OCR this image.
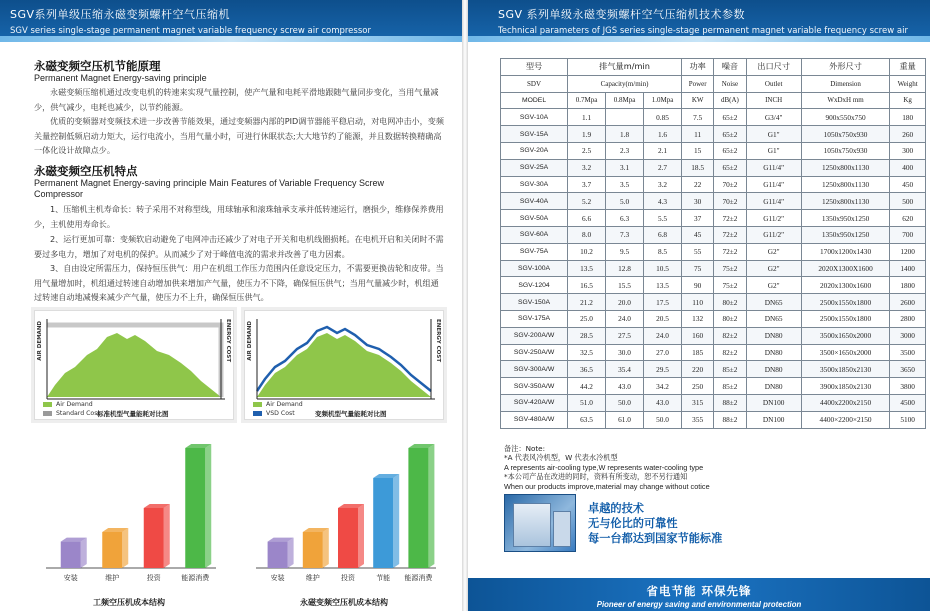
SGV系列单级压缩永磁变频螺杆空气压缩机
SGV series single-stage permanent magnet variable frequency screw air compressor
SGV 系列单级永磁变频螺杆空气压缩机技术参数
Technical parameters of JGS series single-stage permanent magnet variable frequency screw air
永磁变频空压机节能原理
Permanent Magnet Energy-saving principle
永磁变频压缩机通过改变电机的转速来实现气量控制，使产气量和电耗平滑地跟随气量同步变化，当用气量减少，供气减少，电耗也减少，以节约能源。
优质的变频器对变频技术进一步改善节能效果，通过变频器内部的PID调节器能平稳启动，对电网冲击小，变频关量控制低频启动力矩大，运行电流小，当用气量小时，可进行休眠状态;大大地节约了能源，并且数据转换精确高一体化设计故障点少。
永磁变频空压机特点
Permanent Magnet Energy-saving principle Main Features of Variable Frequency Screw Compressor
1、压缩机主机寿命长：转子采用不对称型线，用球轴承和滚珠轴承支承并低转速运行，磨损少，维修保养费用少，主机使用寿命长。
2、运行更加可靠：变频软启动避免了电网冲击还减少了对电子开关和电机线圈损耗。在电机开启和关闭时不需要过多电力，增加了对电机的保护。从而减少了对于峰值电流的需求并改善了电力因素。
3、自由设定所需压力，保持恒压供气：用户在机组工作压力范围内任意设定压力，不需要更换齿轮和皮带。当用气量增加时，机组通过转速自动增加供来增加产气量，使压力不下降，确保恒压供气；当用气量减少时，机组通过转速自动地减慢来减少产气量，使压力不上升，确保恒压供气。
AIR DEMAND	ENERGY COST
Air Demand
Standard Cost
标准机型气量能耗对比图
AIR DEMAND	ENERGY COST
Air Demand
VSD Cost	变频机型气量能耗对比图
安装	维护	投资	能源消费
工频空压机成本结构
安装	维护	投资	节能 能源消费
永磁变频空压机成本结构
型号	排气量m/min			功率	噪音	出口尺寸	外形尺寸	重量
SDV	Capacity(m/min)			Power	Noise	Outlet	Dimension	Weight
MODEL	0.7Mpa	0.8Mpa	1.0Mpa	KW	dB(A)	INCH	WxDxH mm	Kg
SGV-10A	1.1		0.85	7.5	65±2	G3/4"	900x550x750	180
SGV-15A	1.9	1.8	1.6	11	65±2	G1"	1050x750x930	260
SGV-20A	2.5	2.3	2.1	15	65±2	G1"	1050x750x930	300
SGV-25A	3.2	3.1	2.7	18.5	65±2	G11/4"	1250x800x1130	400
SGV-30A	3.7	3.5	3.2	22	70±2	G11/4"	1250x800x1130	450
SGV-40A	5.2	5.0	4.3	30	70±2	G11/4"	1250x800x1130	500
SGV-50A	6.6	6.3	5.5	37	72±2	G11/2"	1350x950x1250	620
SGV-60A	8.0	7.3	6.8	45	72±2	G11/2"	1350x950x1250	700
SGV-75A	10.2	9.5	8.5	55	72±2	G2"	1700x1200x1430	1200
SGV-100A	13.5	12.8	10.5	75	75±2	G2"	2020X1300X1600	1400
SGV-1204	16.5	15.5	13.5	90	75±2	G2"	2020x1300x1600	1800
SGV-150A	21.2	20.0	17.5	110	80±2	DN65	2500x1550x1800	2600
SGV-175A	25.0	24.0	20.5	132	80±2	DN65	2500x1550x1800	2800
SGV-200A/W	28.5	27.5	24.0	160	82±2	DN80	3500x1650x2000	3000
SGV-250A/W	32.5	30.0	27.0	185	82±2	DN80	3500×1650x2000	3500
SGV-300A/W	36.5	35.4	29.5	220	85±2	DN80	3500x1850x2130	3650
SGV-350A/W	44.2	43.0	34.2	250	85±2	DN80	3900x1850x2130	3800
SGV-420A/W	51.0	50.0	43.0	315	88±2	DN100	4400x2200x2150	4500
SGV-480A/W	63.5	61.0	50.0	355	88±2	DN100	4400×2200×2150	5100
备注：Note:
*A 代表风冷机型，W 代表水冷机型
A represents air-cooling type,W represents water-cooling type
*本公司产品在改进的同时，资料有所变动，恕不另行通知
When our products improve,material may change without cotice
卓越的技术
无与伦比的可靠性
每一台都达到国家节能标准
省电节能 环保先锋
Pioneer of energy saving and environmental protection
